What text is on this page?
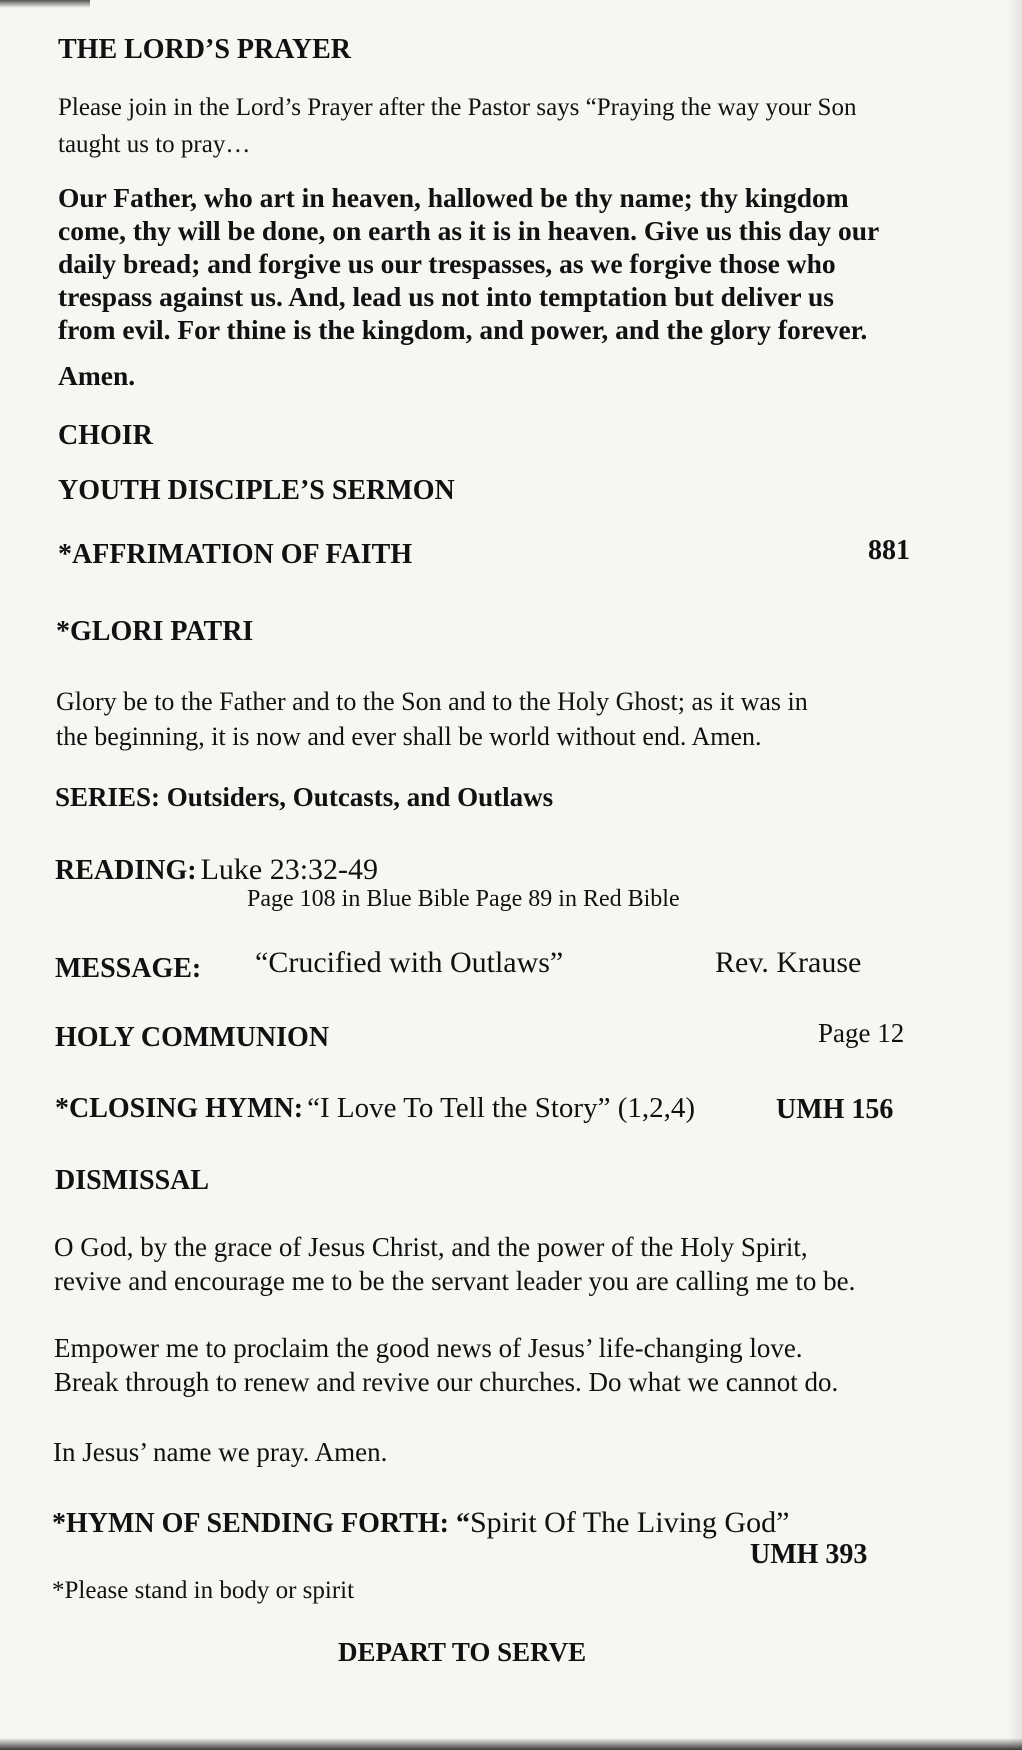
THE LORD’S PRAYER
Please join in the Lord’s Prayer after the Pastor says “Praying the way your Son
taught us to pray…
Our Father, who art in heaven, hallowed be thy name; thy kingdom
come, thy will be done, on earth as it is in heaven. Give us this day our
daily bread; and forgive us our trespasses, as we forgive those who
trespass against us. And, lead us not into temptation but deliver us
from evil. For thine is the kingdom, and power, and the glory forever.
Amen.
CHOIR
YOUTH DISCIPLE’S SERMON
*AFFRIMATION OF FAITH	881
*GLORI PATRI
Glory be to the Father and to the Son and to the Holy Ghost; as it was in
the beginning, it is now and ever shall be world without end. Amen.
SERIES: Outsiders, Outcasts, and Outlaws
READING: Luke 23:32-49
Page 108 in Blue Bible Page 89 in Red Bible
MESSAGE: “Crucified with Outlaws”	Rev. Krause
HOLY COMMUNION	Page 12
*CLOSING HYMN: “I Love To Tell the Story” (1,2,4)	UMH 156
DISMISSAL
O God, by the grace of Jesus Christ, and the power of the Holy Spirit,
revive and encourage me to be the servant leader you are calling me to be.
Empower me to proclaim the good news of Jesus’ life-changing love.
Break through to renew and revive our churches. Do what we cannot do.
In Jesus’ name we pray. Amen.
*HYMN OF SENDING FORTH: “Spirit Of The Living God”
UMH 393
*Please stand in body or spirit
DEPART TO SERVE
